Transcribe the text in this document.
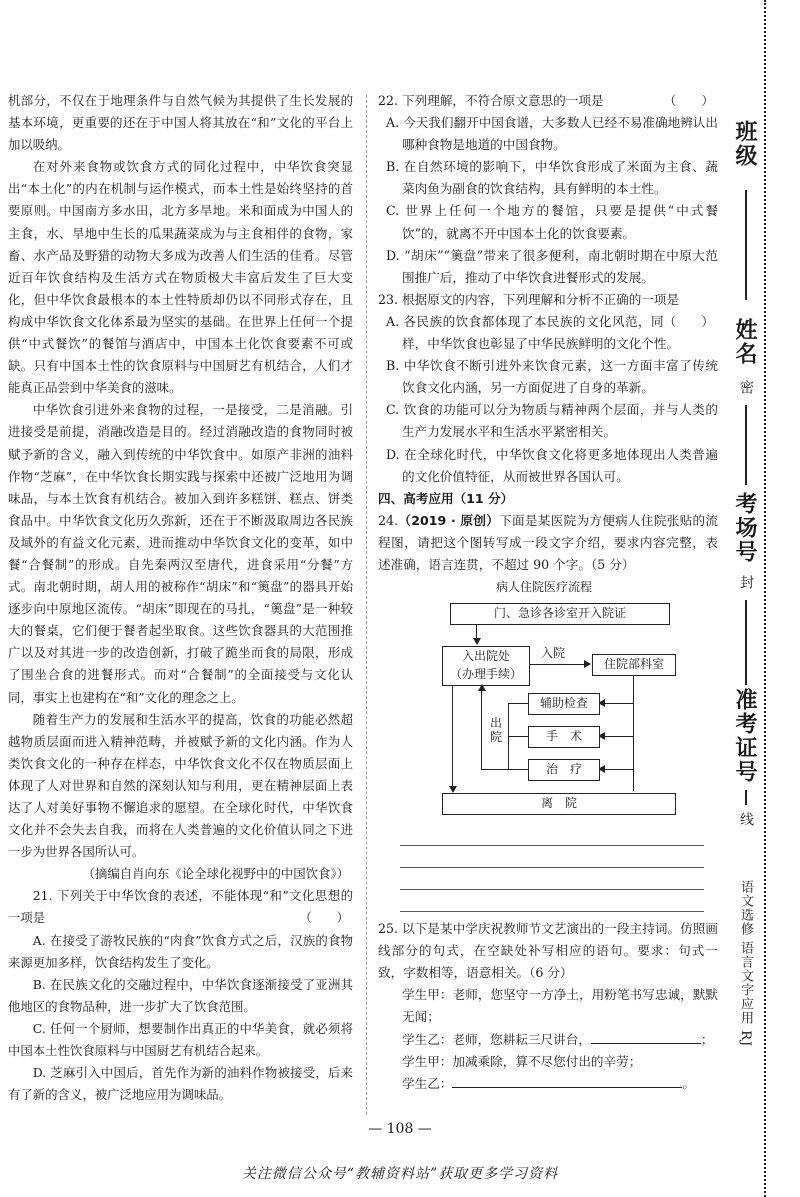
机部分，不仅在于地理条件与自然气候为其提供了生长发展的基本环境，更重要的还在于中国人将其放在“和”文化的平台上加以吸纳。

在对外来食物或饮食方式的同化过程中，中华饮食突显出“本土化”的内在机制与运作模式，而本土性是始终坚持的首要原则。中国南方多水田，北方多旱地。米和面成为中国人的主食，水、旱地中生长的瓜果蔬菜成为与主食相伴的食物，家畜、水产品及野猎的动物大多成为改善人们生活的佳肴。尽管近百年饮食结构及生活方式在物质极大丰富后发生了巨大变化，但中华饮食最根本的本土性特质却仍以不同形式存在，且构成中华饮食文化体系最为坚实的基础。在世界上任何一个提供“中式餐饮”的餐馆与酒店中，中国本土化饮食要素不可或缺。只有中国本土性的饮食原料与中国厨艺有机结合，人们才能真正品尝到中华美食的滋味。

中华饮食引进外来食物的过程，一是接受，二是消融。引进接受是前提，消融改造是目的。经过消融改造的食物同时被赋予新的含义，融入到传统的中华饮食中。如原产非洲的油料作物“芝麻”，在中华饮食长期实践与探索中还被广泛地用为调味品，与本土饮食有机结合。被加入到许多糕饼、糕点、饼类食品中。中华饮食文化历久弥新，还在于不断汲取周边各民族及域外的有益文化元素，进而推动中华饮食文化的变革，如中餐“合餐制”的形成。自先秦两汉至唐代，进食采用“分餐”方式。南北朝时期，胡人用的被称作“胡床”和“䉛盘”的器具开始逐步向中原地区流传。“胡床”即现在的马扎，“䉛盘”是一种较大的餐桌，它们便于餐者起坐取食。这些饮食器具的大范围推广以及对其进一步的改造创新，打破了跪坐而食的局限，形成了围坐合食的进餐形式。而对“合餐制”的全面接受与文化认同，事实上也建构在“和”文化的理念之上。

随着生产力的发展和生活水平的提高，饮食的功能必然超越物质层面而进入精神范畴，并被赋予新的文化内涵。作为人类饮食文化的一种存在样态，中华饮食文化不仅在物质层面上体现了人对世界和自然的深刻认知与利用，更在精神层面上表达了人对美好事物不懈追求的愿望。在全球化时代，中华饮食文化并不会失去自我，而将在人类普遍的文化价值认同之下进一步为世界各国所认可。

（摘编自肖向东《论全球化视野中的中国饮食》）

21. 下列关于中华饮食的表述，不能体现“和”文化思想的一项是	（　　）

A. 在接受了游牧民族的“肉食”饮食方式之后，汉族的食物来源更加多样，饮食结构发生了变化。

B. 在民族文化的交融过程中，中华饮食逐渐接受了亚洲其他地区的食物品种，进一步扩大了饮食范围。

C. 任何一个厨师，想要制作出真正的中华美食，就必须将中国本土性饮食原料与中国厨艺有机结合起来。

D. 芝麻引入中国后，首先作为新的油料作物被接受，后来有了新的含义，被广泛地应用为调味品。

22. 下列理解，不符合原文意思的一项是	（　　）

A. 今天我们翻开中国食谱，大多数人已经不易准确地辨认出哪种食物是地道的中国食物。

B. 在自然环境的影响下，中华饮食形成了米面为主食、蔬菜肉鱼为副食的饮食结构，具有鲜明的本土性。

C. 世界上任何一个地方的餐馆，只要是提供“中式餐饮”的，就离不开中国本土化的饮食要素。

D. “胡床”“䉛盘”带来了很多便利，南北朝时期在中原大范围推广后，推动了中华饮食进餐形式的发展。

23. 根据原文的内容，下列理解和分析不正确的一项是
（　　）

A. 各民族的饮食都体现了本民族的文化风范，同样，中华饮食也彰显了中华民族鲜明的文化个性。

B. 中华饮食不断引进外来饮食元素，这一方面丰富了传统饮食文化内涵，另一方面促进了自身的革新。

C. 饮食的功能可以分为物质与精神两个层面，并与人类的生产力发展水平和生活水平紧密相关。

D. 在全球化时代，中华饮食文化将更多地体现出人类普遍的文化价值特征，从而被世界各国认可。

四、高考应用（11 分）

24.（2019 · 原创）下面是某医院为方便病人住院张贴的流程图，请把这个图转写成一段文字介绍，要求内容完整，表述准确，语言连贯，不超过 90 个字。（5 分）

病人住院医疗流程
门、急诊各诊室开入院证
入出院处
（办理手续）
入院
住院部科室
辅助检查
手　术
治　疗
出院
离　院

25. 以下是某中学庆祝教师节文艺演出的一段主持词。仿照画线部分的句式，在空缺处补写相应的语句。要求：句式一致，字数相等，语意相关。（6 分）

学生甲：老师，您坚守一方净土，用粉笔书写忠诚，默默无闻；

学生乙：老师，您耕耘三尺讲台，	；

学生甲：加减乘除，算不尽您付出的辛劳；

学生乙：	。

班级
姓名
密
考场号
封
准考证号
线
语文选修 语言文字应用 RJ
— 108 —
关注微信公众号“教辅资料站”获取更多学习资料
